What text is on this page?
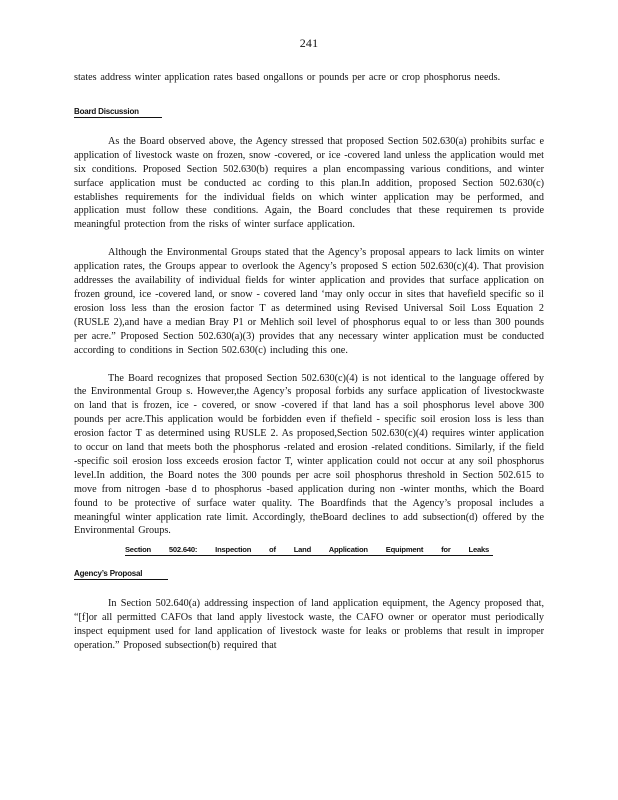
241

states address winter application rates based ongallons or pounds per acre or crop phosphorus needs.

Board Discussion

As the Board observed above, the Agency stressed that proposed Section 502.630(a) prohibits surfac e application of livestock waste on frozen, snow -covered, or ice -covered land unless the application would met six conditions. Proposed Section 502.630(b) requires a plan encompassing various conditions, and winter surface application must be conducted ac cording to this plan.In addition, proposed Section 502.630(c) establishes requirements for the individual fields on which winter application may be performed, and application must follow these conditions. Again, the Board concludes that these requiremen ts provide meaningful protection from the risks of winter surface application.

Although the Environmental Groups stated that the Agency’s proposal appears to lack limits on winter application rates, the Groups appear to overlook the Agency’s proposed S ection 502.630(c)(4). That provision addresses the availability of individual fields for winter application and provides that surface application on frozen ground, ice -covered land, or snow - covered land ‘may only occur in sites that havefield specific so il erosion loss less than the erosion factor T as determined using Revised Universal Soil Loss Equation 2 (RUSLE 2),and have a median Bray P1 or Mehlich soil level of phosphorus equal to or less than 300 pounds per acre.” Proposed Section 502.630(a)(3) provides that any necessary winter application must be conducted according to conditions in Section 502.630(c) including this one.

The Board recognizes that proposed Section 502.630(c)(4) is not identical to the language offered by the Environmental Group s. However,the Agency’s proposal forbids any surface application of livestockwaste on land that is frozen, ice - covered, or snow -covered if that land has a soil phosphorus level above 300 pounds per acre.This application would be forbidden even if thefield - specific soil erosion loss is less than erosion factor T as determined using RUSLE 2. As proposed,Section 502.630(c)(4) requires winter application to occur on land that meets both the phosphorus -related and erosion -related conditions. Similarly, if the field -specific soil erosion loss exceeds erosion factor T, winter application could not occur at any soil phosphorus level.In addition, the Board notes the 300 pounds per acre soil phosphorus threshold in Section 502.615 to move from nitrogen -base d to phosphorus -based application during non -winter months, which the Board found to be protective of surface water quality. The Boardfinds that the Agency’s proposal includes a meaningful winter application rate limit. Accordingly, theBoard declines to add subsection(d) offered by the Environmental Groups.

Section 502.640: Inspection of Land Application Equipment for Leaks
Agency’s Proposal

In Section 502.640(a) addressing inspection of land application equipment, the Agency proposed that, “[f]or all permitted CAFOs that land apply livestock waste, the CAFO owner or operator must periodically inspect equipment used for land application of livestock waste for leaks or problems that result in improper operation.” Proposed subsection(b) required that
